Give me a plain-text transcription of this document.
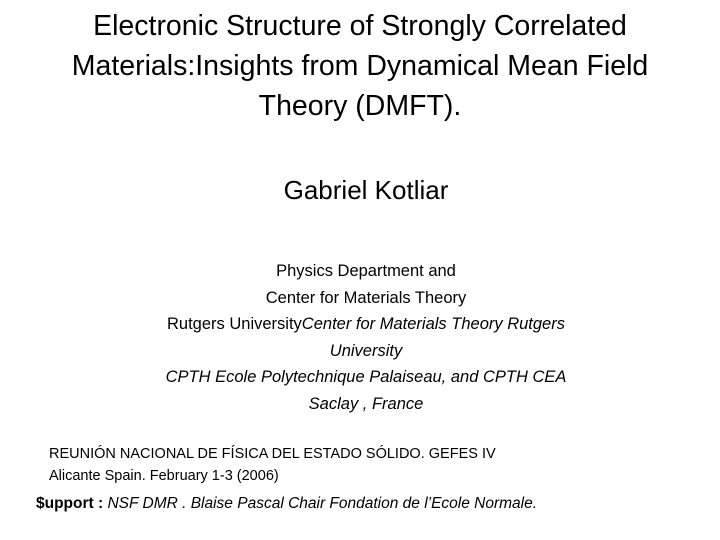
Electronic Structure of Strongly Correlated
Materials:Insights from Dynamical Mean Field
Theory (DMFT).
Gabriel Kotliar
Physics Department and
Center for Materials Theory
Rutgers UniversityCenter for Materials Theory Rutgers
University
CPTH Ecole Polytechnique Palaiseau, and CPTH CEA
Saclay , France
REUNIÓN NACIONAL DE FÍSICA DEL ESTADO SÓLIDO. GEFES IV
Alicante Spain. February 1-3 (2006)
$upport : NSF DMR . Blaise Pascal Chair Fondation de l’Ecole Normale.
